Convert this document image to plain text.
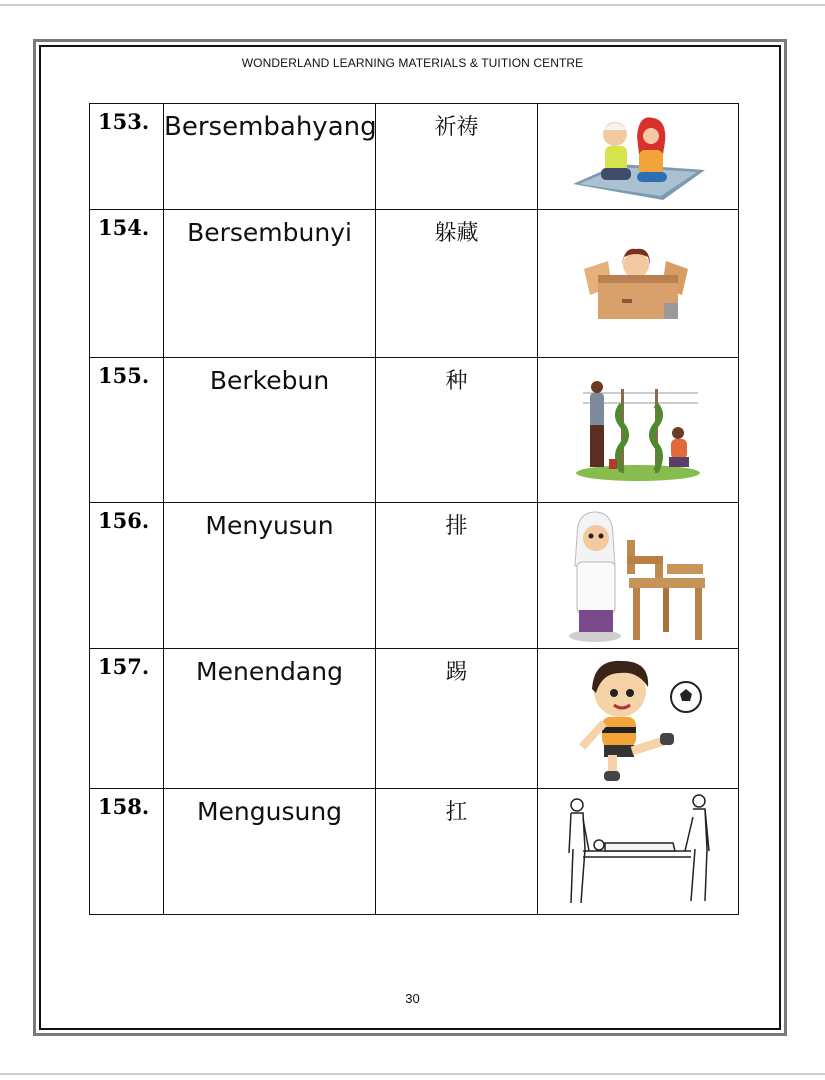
WONDERLAND LEARNING MATERIALS & TUITION CENTRE
153.	Bersembahyang	祈祷	

154.	Bersembunyi	躲藏	

155.	Berkebun	种	

156.	Menyusun	排	

157.	Menendang	踢	

158.	Mengusung	扛	
30
